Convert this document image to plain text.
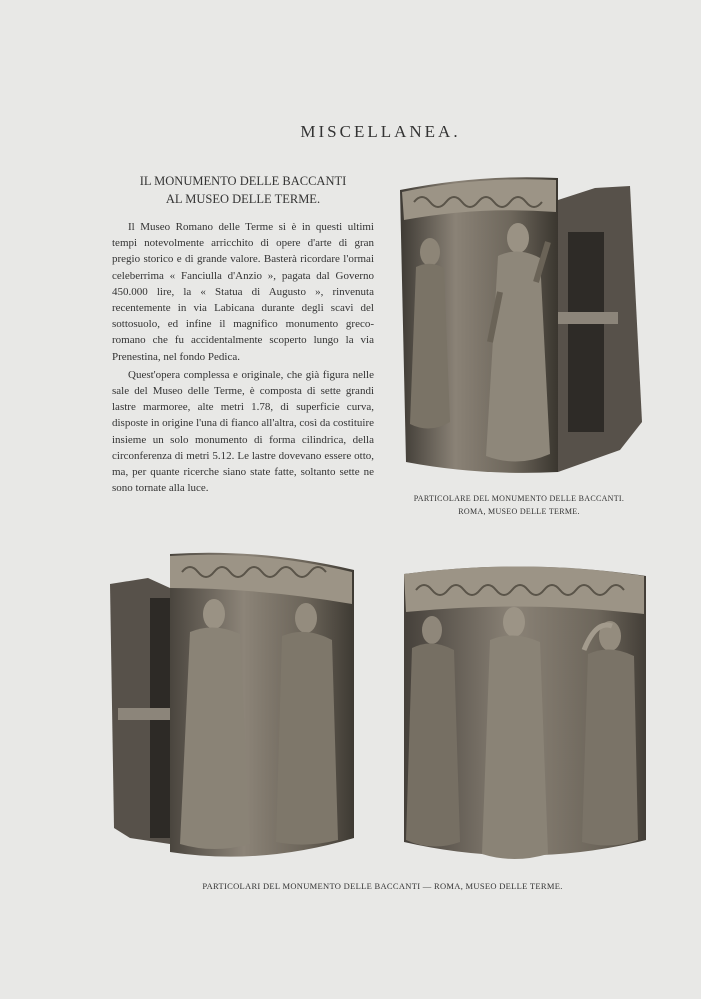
MISCELLANEA.
IL MONUMENTO DELLE BACCANTI
AL MUSEO DELLE TERME.

Il Museo Romano delle Terme si è in questi ultimi tempi notevolmente arricchito di opere d'arte di gran pregio storico e di grande valore. Basterà ricordare l'ormai celeberrima « Fanciulla d'Anzio », pagata dal Governo 450.000 lire, la « Statua di Augusto », rinvenuta recentemente in via Labicana durante degli scavi del sottosuolo, ed infine il magnifico monumento greco-romano che fu accidentalmente scoperto lungo la via Prenestina, nel fondo Pedica.

Quest'opera complessa e originale, che già figura nelle sale del Museo delle Terme, è composta di sette grandi lastre marmoree, alte metri 1.78, di superficie curva, disposte in origine l'una di fianco all'altra, così da costituire insieme un solo monumento di forma cilindrica, della circonferenza di metri 5.12. Le lastre dovevano essere otto, ma, per quante ricerche siano state fatte, soltanto sette ne sono tornate alla luce.

PARTICOLARE DEL MONUMENTO DELLE BACCANTI.
ROMA, MUSEO DELLE TERME.
PARTICOLARI DEL MONUMENTO DELLE BACCANTI — ROMA, MUSEO DELLE TERME.
